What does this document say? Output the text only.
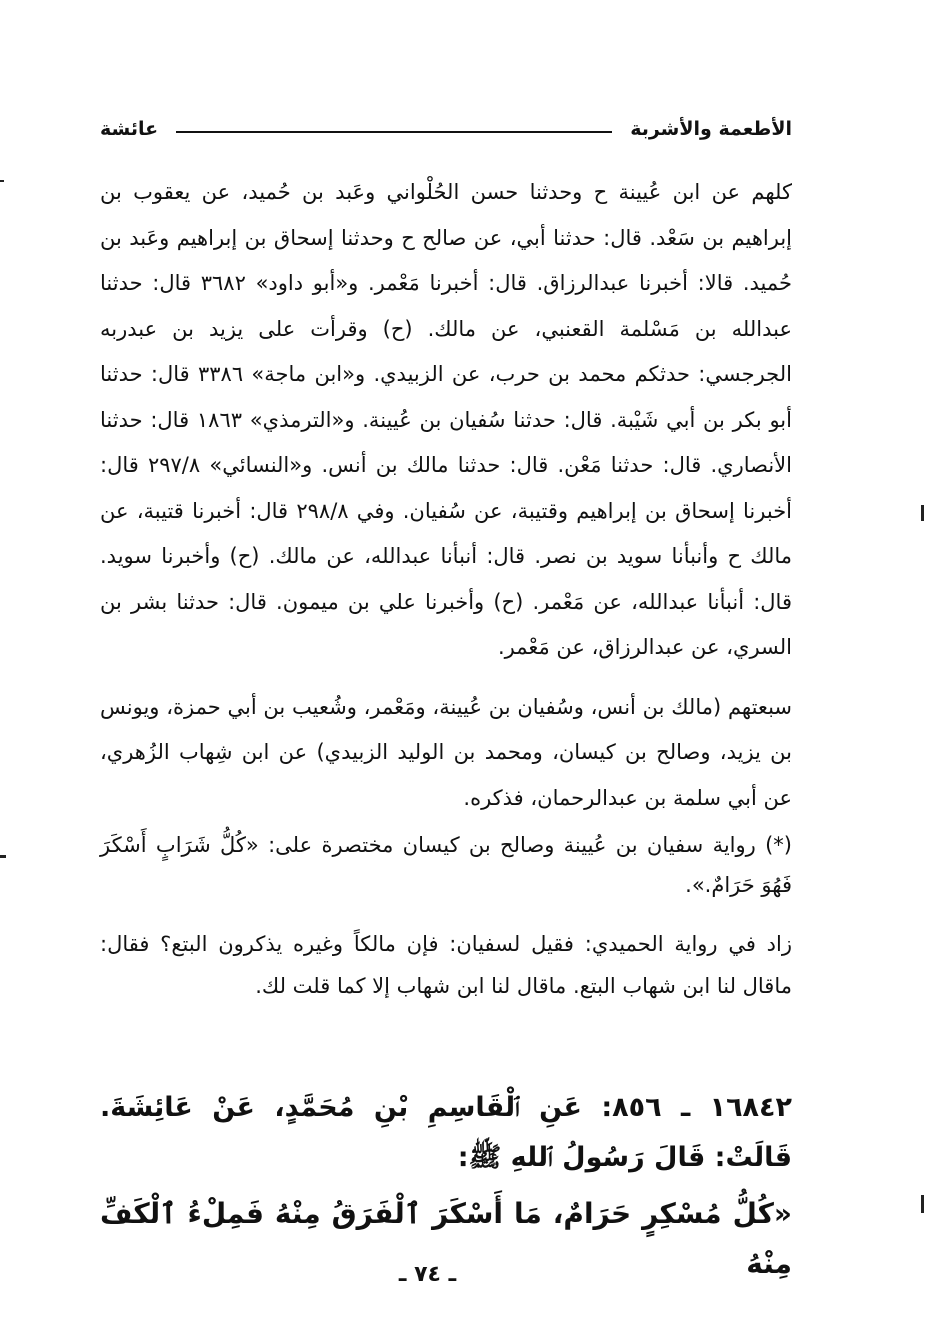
الأطعمة والأشربة
عائشة

كلهم عن ابن عُيينة ح وحدثنا حسن الحُلْواني وعَبد بن حُميد، عن يعقوب بن إبراهيم بن سَعْد. قال: حدثنا أبي، عن صالح ح وحدثنا إسحاق بن إبراهيم وعَبد بن حُميد. قالا: أخبرنا عبدالرزاق. قال: أخبرنا مَعْمر. و«أبو داود» ٣٦٨٢ قال: حدثنا عبدالله بن مَسْلمة القعنبي، عن مالك. (ح) وقرأت على يزيد بن عبدربه الجرجسي: حدثكم محمد بن حرب، عن الزبيدي. و«ابن ماجة» ٣٣٨٦ قال: حدثنا أبو بكر بن أبي شَيْبة. قال: حدثنا سُفيان بن عُيينة. و«الترمذي» ١٨٦٣ قال: حدثنا الأنصاري. قال: حدثنا مَعْن. قال: حدثنا مالك بن أنس. و«النسائي» ٢٩٧/٨ قال: أخبرنا إسحاق بن إبراهيم وقتيبة، عن سُفيان. وفي ٢٩٨/٨ قال: أخبرنا قتيبة، عن مالك ح وأنبأنا سويد بن نصر. قال: أنبأنا عبدالله، عن مالك. (ح) وأخبرنا سويد. قال: أنبأنا عبدالله، عن مَعْمر. (ح) وأخبرنا علي بن ميمون. قال: حدثنا بشر بن السري، عن عبدالرزاق، عن مَعْمر.

سبعتهم (مالك بن أنس، وسُفيان بن عُيينة، ومَعْمر، وشُعيب بن أبي حمزة، ويونس بن يزيد، وصالح بن كيسان، ومحمد بن الوليد الزبيدي) عن ابن شِهاب الزُهري، عن أبي سلمة بن عبدالرحمان، فذكره.

(*) رواية سفيان بن عُيينة وصالح بن كيسان مختصرة على: «كُلُّ شَرَابٍ أَسْكَرَ فَهُوَ حَرَامٌ.».

زاد في رواية الحميدي: فقيل لسفيان: فإن مالكاً وغيره يذكرون البتع؟ فقال: ماقال لنا ابن شهاب البتع. ماقال لنا ابن شهاب إلا كما قلت لك.

١٦٨٤٢ ـ ٨٥٦: عَنِ ٱلْقَاسِمِ بْنِ مُحَمَّدٍ، عَنْ عَائِشَةَ. قَالَتْ: قَالَ رَسُولُ ٱللهِ ﷺ:

«كُلُّ مُسْكِرٍ حَرَامٌ، مَا أَسْكَرَ ٱلْفَرَقُ مِنْهُ فَمِلْءُ ٱلْكَفِّ مِنْهُ

ـ ٧٤ ـ
